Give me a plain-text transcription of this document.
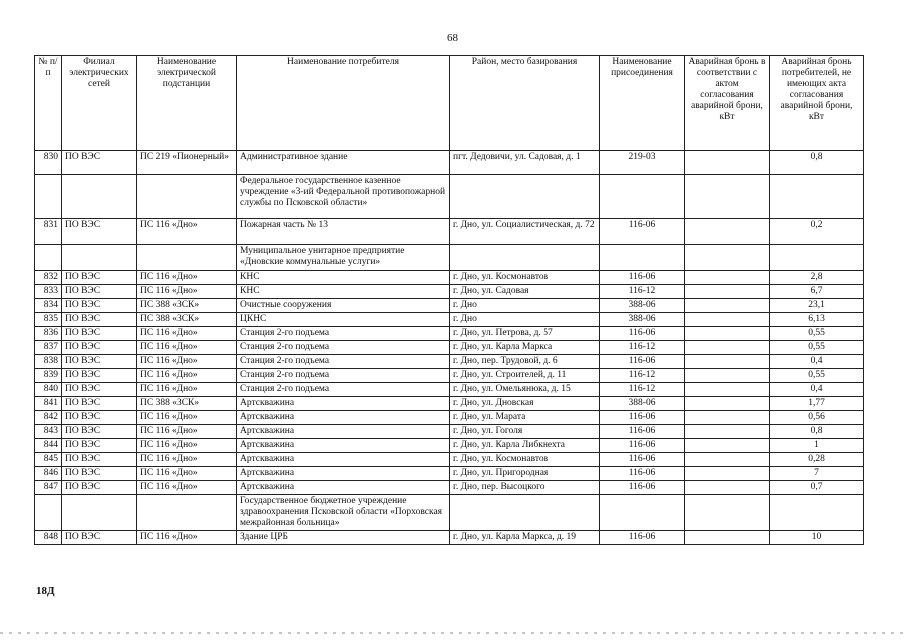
68
№ п/п	Филиал электрических сетей	Наименование электрической подстанции	Наименование потребителя	Район, место базирования	Наименование присоединения	Аварийная бронь в соответствии с актом согласования аварийной брони, кВт	Аварийная бронь потребителей, не имеющих акта согласования аварийной брони, кВт
830	ПО ВЭС	ПС 219 «Пионерный»	Административное здание	пгт. Дедовичи, ул. Садовая, д. 1	219-03		0,8
			Федеральное государственное казенное учреждение «3-ий Федеральной противопожарной службы по Псковской области»				
831	ПО ВЭС	ПС 116 «Дно»	Пожарная часть № 13	г. Дно, ул. Социалистическая, д. 72	116-06		0,2
			Муниципальное унитарное предприятие «Дновские коммунальные услуги»				
832	ПО ВЭС	ПС 116 «Дно»	КНС	г. Дно, ул. Космонавтов	116-06		2,8
833	ПО ВЭС	ПС 116 «Дно»	КНС	г. Дно, ул. Садовая	116-12		6,7
834	ПО ВЭС	ПС 388 «ЗСК»	Очистные сооружения	г. Дно	388-06		23,1
835	ПО ВЭС	ПС 388 «ЗСК»	ЦКНС	г. Дно	388-06		6,13
836	ПО ВЭС	ПС 116 «Дно»	Станция 2-го подъема	г. Дно, ул. Петрова, д. 57	116-06		0,55
837	ПО ВЭС	ПС 116 «Дно»	Станция 2-го подъема	г. Дно, ул. Карла Маркса	116-12		0,55
838	ПО ВЭС	ПС 116 «Дно»	Станция 2-го подъема	г. Дно, пер. Трудовой, д. 6	116-06		0,4
839	ПО ВЭС	ПС 116 «Дно»	Станция 2-го подъема	г. Дно, ул. Строителей, д. 11	116-12		0,55
840	ПО ВЭС	ПС 116 «Дно»	Станция 2-го подъема	г. Дно, ул. Омельянюка, д. 15	116-12		0,4
841	ПО ВЭС	ПС 388 «ЗСК»	Артскважина	г. Дно, ул. Дновская	388-06		1,77
842	ПО ВЭС	ПС 116 «Дно»	Артскважина	г. Дно, ул. Марата	116-06		0,56
843	ПО ВЭС	ПС 116 «Дно»	Артскважина	г. Дно, ул. Гоголя	116-06		0,8
844	ПО ВЭС	ПС 116 «Дно»	Артскважина	г. Дно, ул. Карла Либкнехта	116-06		1
845	ПО ВЭС	ПС 116 «Дно»	Артскважина	г. Дно, ул. Космонавтов	116-06		0,28
846	ПО ВЭС	ПС 116 «Дно»	Артскважина	г. Дно, ул. Пригородная	116-06		7
847	ПО ВЭС	ПС 116 «Дно»	Артскважина	г. Дно, пер. Высоцкого	116-06		0,7
			Государственное бюджетное учреждение здравоохранения Псковской области «Порховская межрайонная больница»				
848	ПО ВЭС	ПС 116 «Дно»	Здание ЦРБ	г. Дно, ул. Карла Маркса, д. 19	116-06		10
18Д
